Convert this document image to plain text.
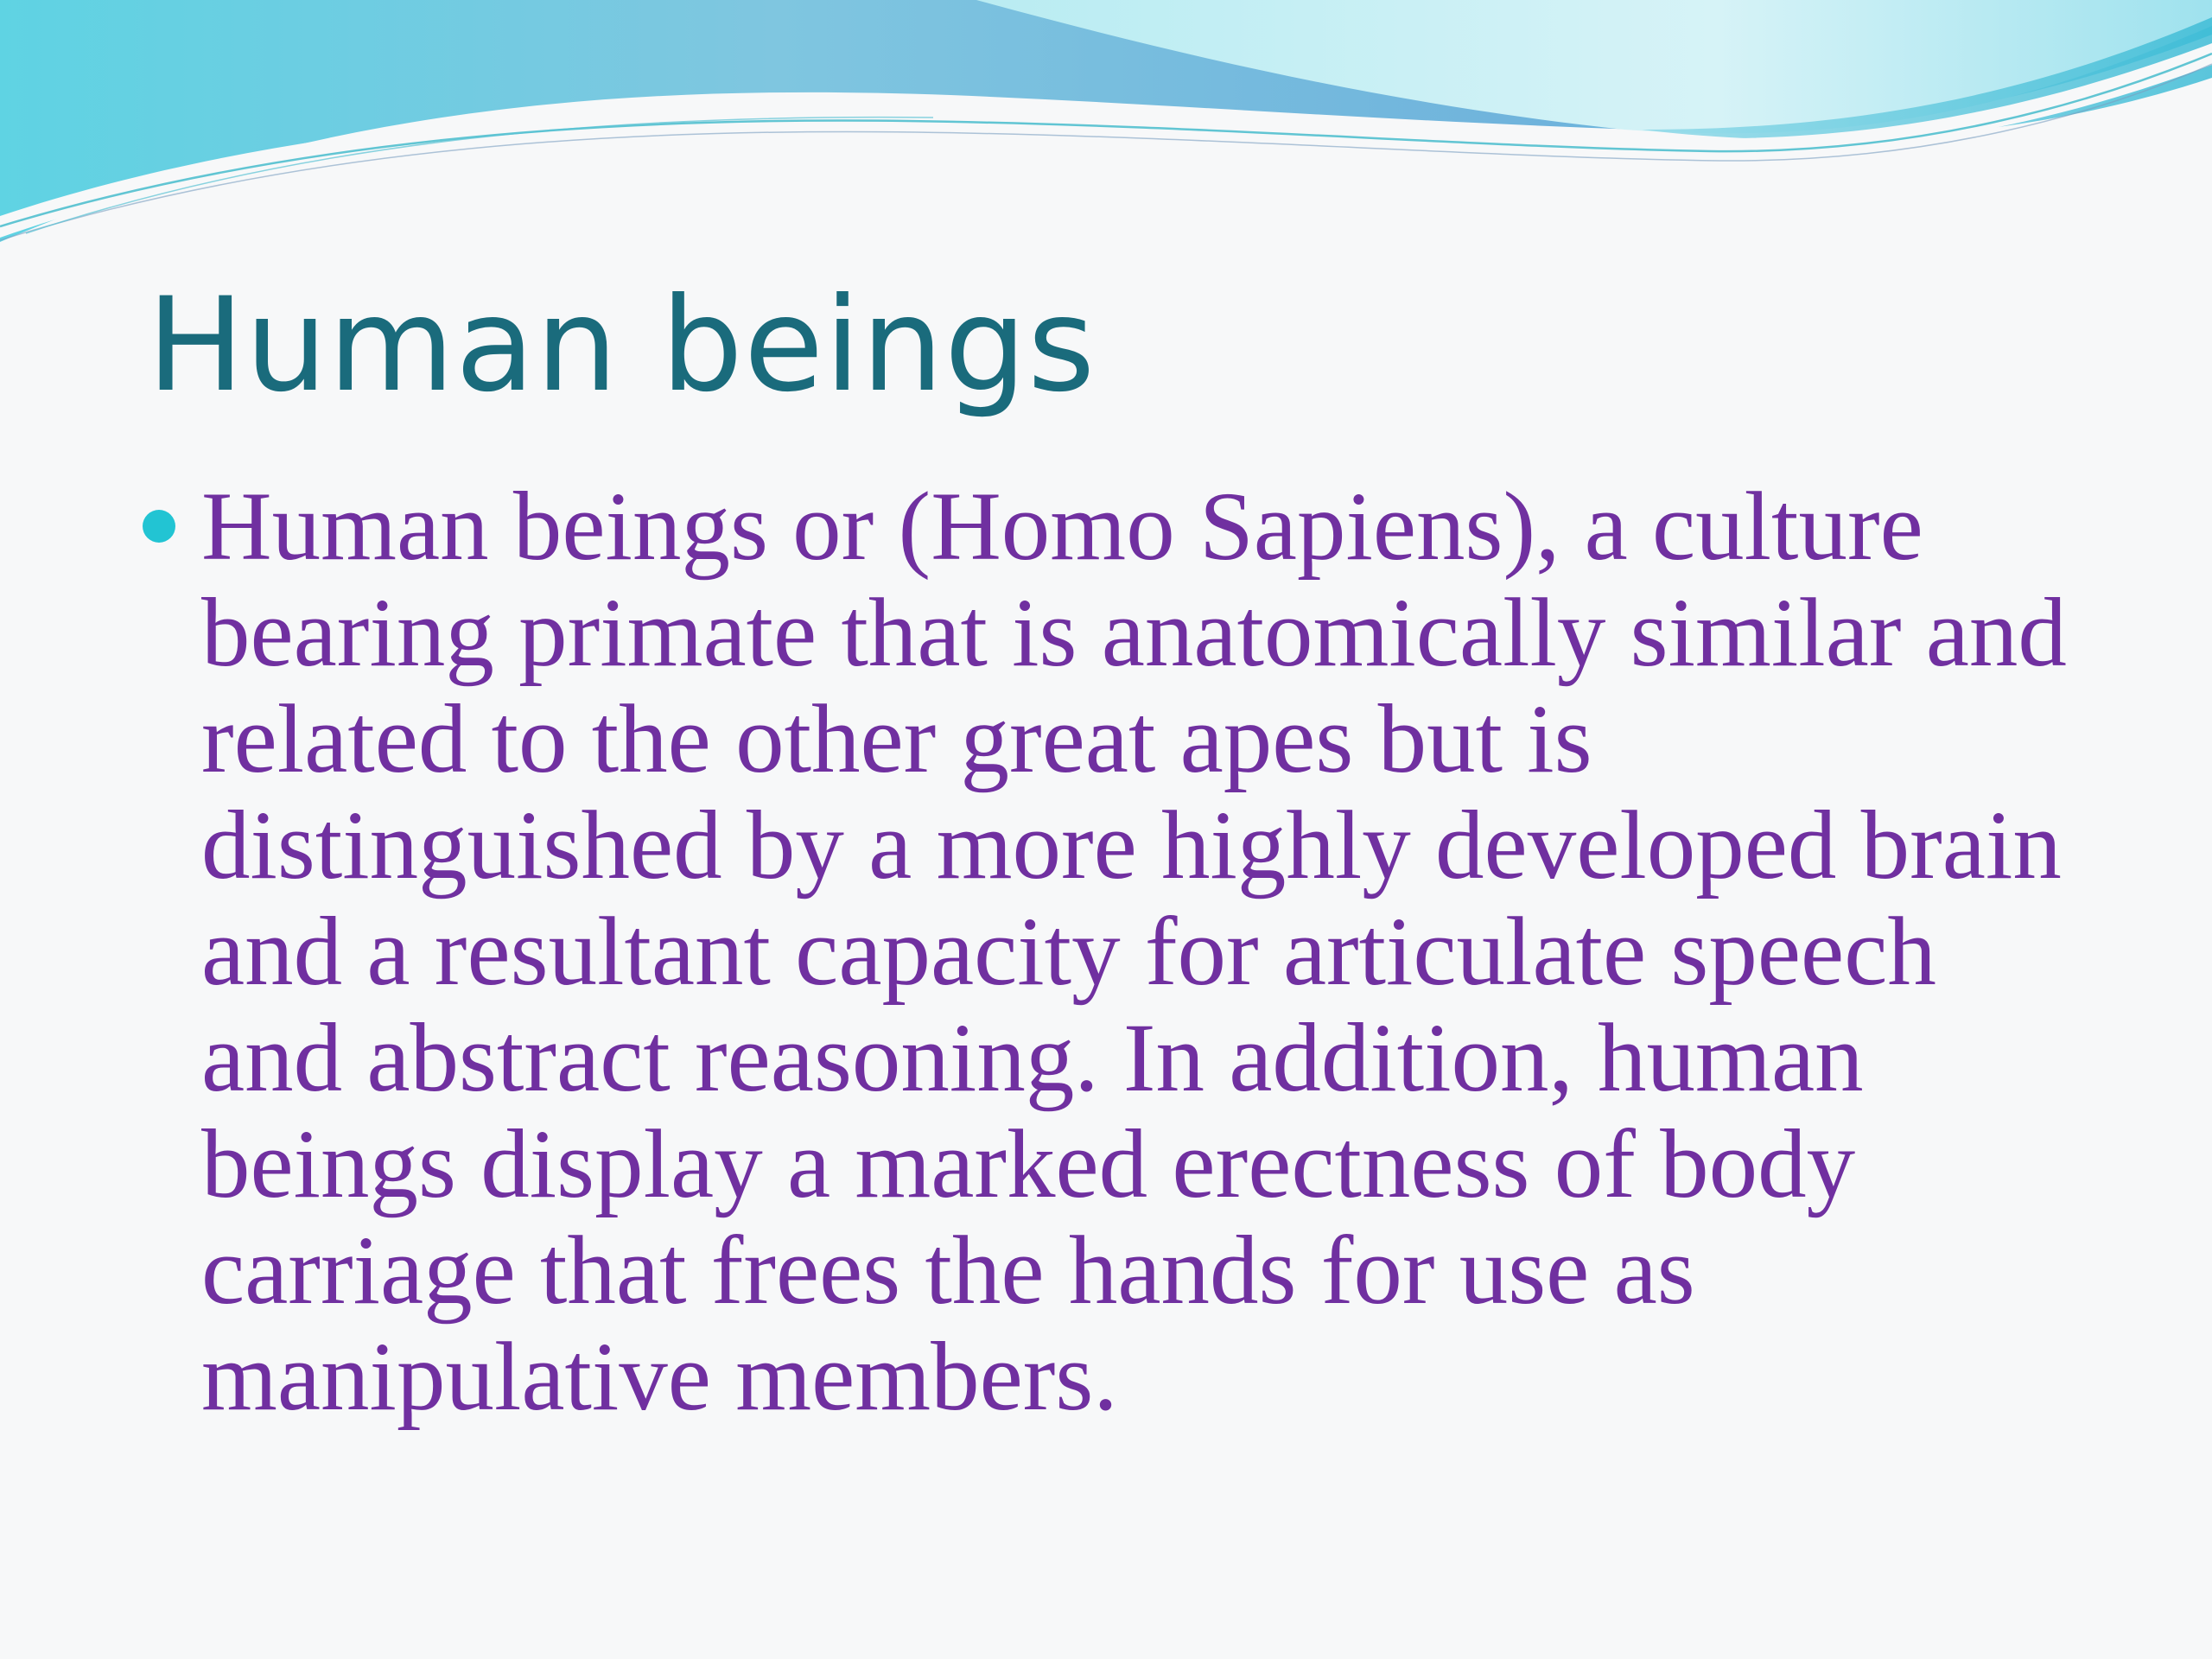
Human beings
Human beings or (Homo Sapiens), a culture bearing primate that is anatomically similar and related to the other great apes but is distinguished by a more highly developed brain and a resultant capacity for articulate speech and abstract reasoning. In addition, human beings display a marked erectness of body carriage that frees the hands for use as manipulative members.
